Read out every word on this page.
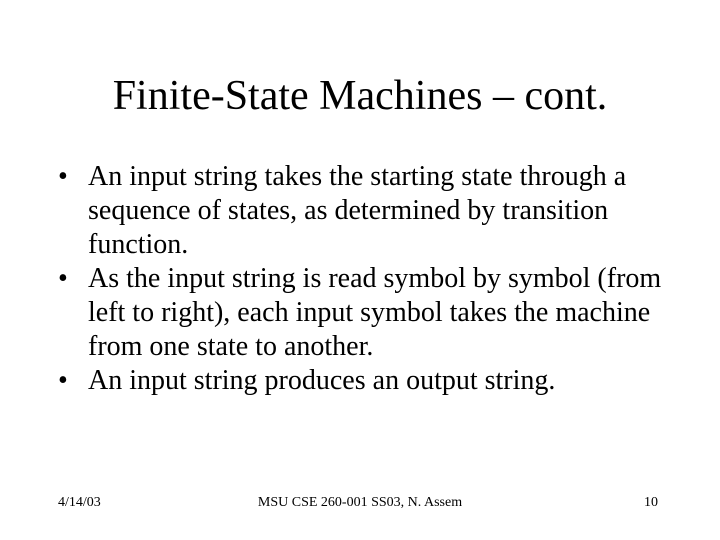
Finite-State Machines – cont.
• An input string takes the starting state through a sequence of states, as determined by transition function.
• As the input string is read symbol by symbol (from left to right), each input symbol takes the machine from one state to another.
• An input string produces an output string.
4/14/03	MSU CSE 260-001 SS03, N. Assem	10
